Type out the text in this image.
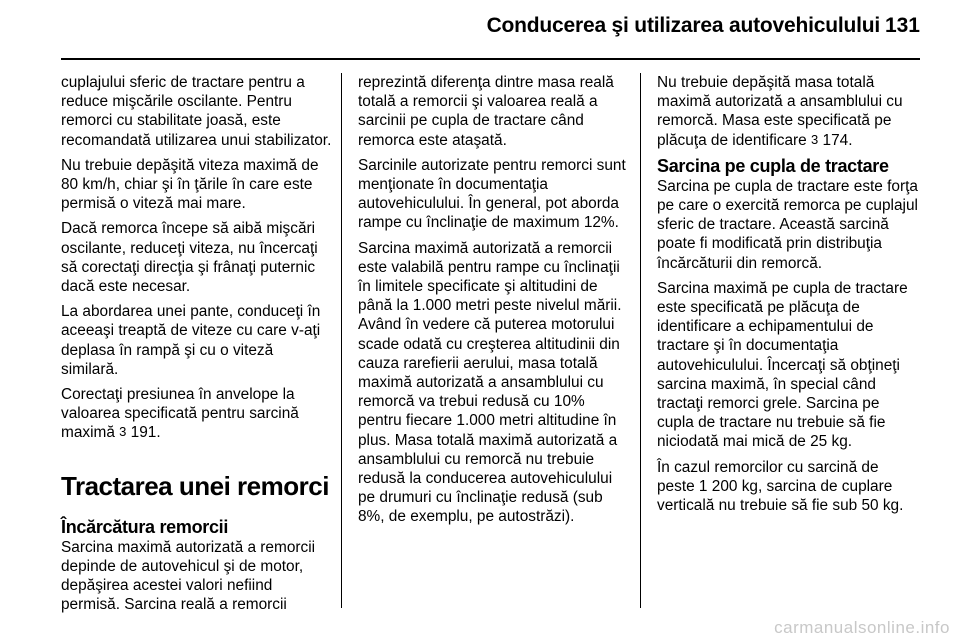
Conducerea şi utilizarea autovehiculului 131

cuplajului sferic de tractare pentru a reduce mişcările oscilante. Pentru remorci cu stabilitate joasă, este recomandată utilizarea unui stabilizator.

Nu trebuie depăşită viteza maximă de 80 km/h, chiar şi în ţările în care este permisă o viteză mai mare.

Dacă remorca începe să aibă mişcări oscilante, reduceţi viteza, nu încercaţi să corectaţi direcţia şi frânaţi puternic dacă este necesar.

La abordarea unei pante, conduceţi în aceeaşi treaptă de viteze cu care v-aţi deplasa în rampă şi cu o viteză similară.

Corectaţi presiunea în anvelope la valoarea specificată pentru sarcină maximă 3 191.

Tractarea unei remorci
Încărcătura remorcii

Sarcina maximă autorizată a remorcii depinde de autovehicul şi de motor, depăşirea acestei valori nefiind permisă. Sarcina reală a remorcii

reprezintă diferenţa dintre masa reală totală a remorcii şi valoarea reală a sarcinii pe cupla de tractare când remorca este ataşată.

Sarcinile autorizate pentru remorci sunt menţionate în documentaţia autovehiculului. În general, pot aborda rampe cu înclinaţie de maximum 12%.

Sarcina maximă autorizată a remorcii este valabilă pentru rampe cu înclinaţii în limitele specificate şi altitudini de până la 1.000 metri peste nivelul mării. Având în vedere că puterea motorului scade odată cu creşterea altitudinii din cauza rarefierii aerului, masa totală maximă autorizată a ansamblului cu remorcă va trebui redusă cu 10% pentru fiecare 1.000 metri altitudine în plus. Masa totală maximă autorizată a ansamblului cu remorcă nu trebuie redusă la conducerea autovehiculului pe drumuri cu înclinaţie redusă (sub 8%, de exemplu, pe autostrăzi).

Nu trebuie depăşită masa totală maximă autorizată a ansamblului cu remorcă. Masa este specificată pe plăcuţa de identificare 3 174.

Sarcina pe cupla de tractare

Sarcina pe cupla de tractare este forţa pe care o exercită remorca pe cuplajul sferic de tractare. Această sarcină poate fi modificată prin distribuţia încărcăturii din remorcă.

Sarcina maximă pe cupla de tractare este specificată pe plăcuţa de identificare a echipamentului de tractare şi în documentaţia autovehiculului. Încercaţi să obţineţi sarcina maximă, în special când tractaţi remorci grele. Sarcina pe cupla de tractare nu trebuie să fie niciodată mai mică de 25 kg.

În cazul remorcilor cu sarcină de peste 1 200 kg, sarcina de cuplare verticală nu trebuie să fie sub 50 kg.

carmanualsonline.info
